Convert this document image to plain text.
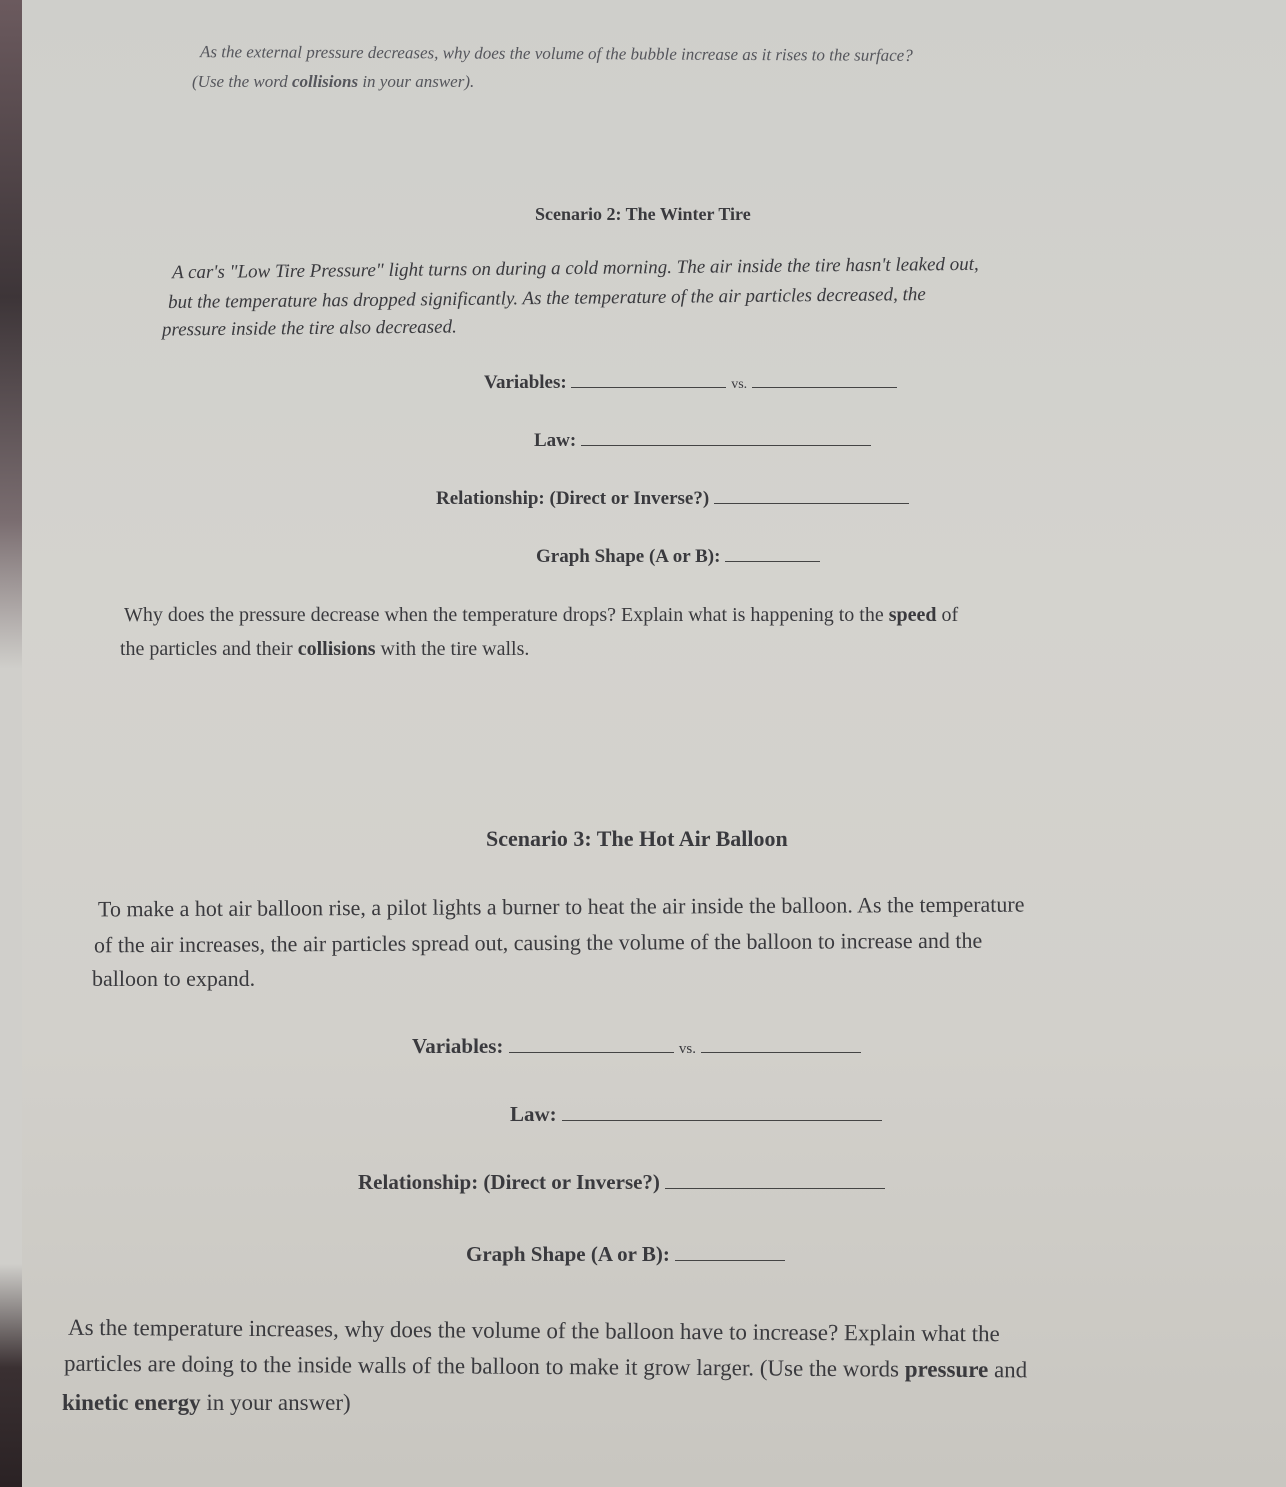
As the external pressure decreases, why does the volume of the bubble increase as it rises to the surface?
(Use the word collisions in your answer).
Scenario 2: The Winter Tire
A car's "Low Tire Pressure" light turns on during a cold morning. The air inside the tire hasn't leaked out,
but the temperature has dropped significantly. As the temperature of the air particles decreased, the
pressure inside the tire also decreased.
Variables:	vs.
Law:
Relationship: (Direct or Inverse?)
Graph Shape (A or B):
Why does the pressure decrease when the temperature drops? Explain what is happening to the speed of
the particles and their collisions with the tire walls.
Scenario 3: The Hot Air Balloon
To make a hot air balloon rise, a pilot lights a burner to heat the air inside the balloon. As the temperature
of the air increases, the air particles spread out, causing the volume of the balloon to increase and the
balloon to expand.
Variables:	vs.
Law:
Relationship: (Direct or Inverse?)
Graph Shape (A or B):
As the temperature increases, why does the volume of the balloon have to increase? Explain what the
particles are doing to the inside walls of the balloon to make it grow larger. (Use the words pressure and
kinetic energy in your answer)
